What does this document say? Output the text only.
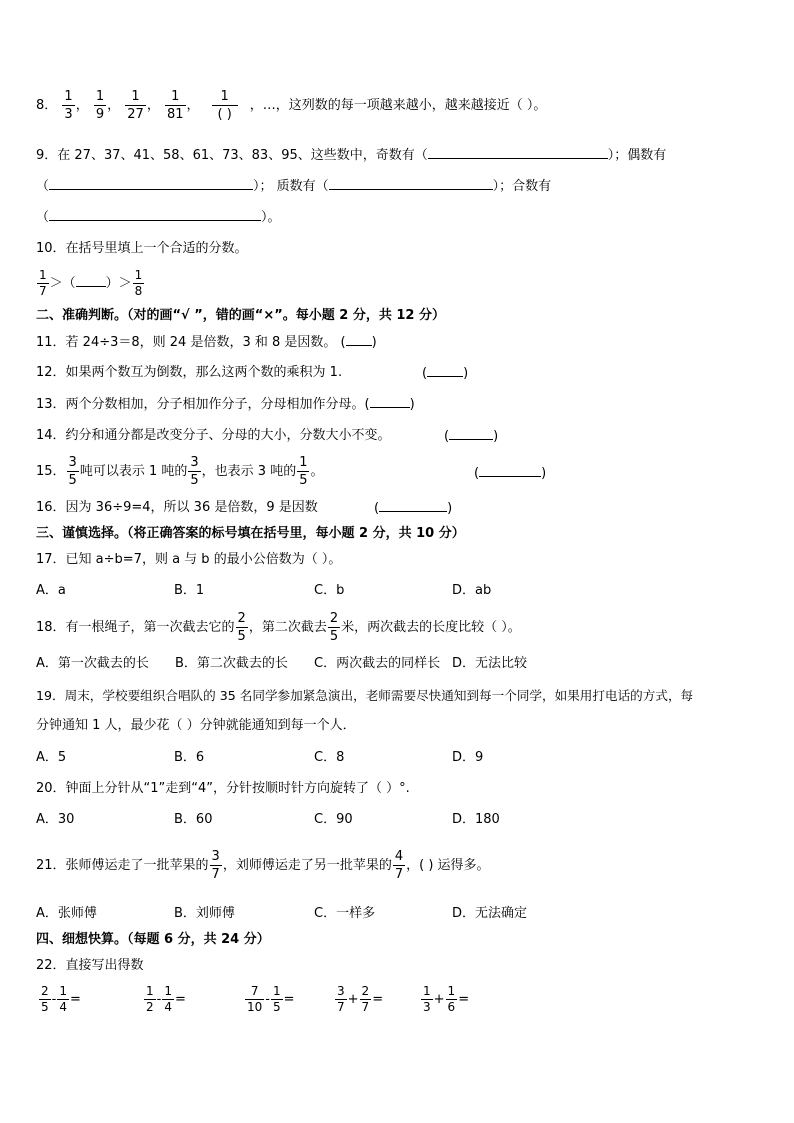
8． $\frac{1}{3}$ ， $\frac{1}{9}$ ， $\frac{1}{27}$ ， $\frac{1}{81}$ ，
1
( )
，…，这列数的每一项越来越小，越来越接近（ ）。
9．在 27、37、41、58、61、73、83、95、这些数中，奇数有（	）；偶数有
（	）； 质数有（	）；合数有
（	）。
10．在括号里填上一个合适的分数。
$\frac{1}{7}$ ＞（ ）＞ $\frac{1}{8}$
二、准确判断。（对的画“√ ”，错的画“×”。每小题 2 分，共 12 分）
11．若 24÷3＝8，则 24 是倍数，3 和 8 是因数。 ( )
12．如果两个数互为倒数，那么这两个数的乘积为 1.	(	)
13．两个分数相加，分子相加作分子，分母相加作分母。(	)
14．约分和通分都是改变分子、分母的大小，分数大小不变。	(	)
15． $\frac{3}{5}$ 吨可以表示 1 吨的 $\frac{3}{5}$ ，也表示 3 吨的 $\frac{1}{5}$ 。	(	)
16．因为 36÷9=4，所以 36 是倍数，9 是因数	(	)
三、谨慎选择。（将正确答案的标号填在括号里，每小题 2 分，共 10 分）
17．已知 a÷b=7，则 a 与 b 的最小公倍数为（ ）。
A．a	B．1	C．b	D．ab
18．有一根绳子，第一次截去它的 $\frac{2}{5}$ ，第二次截去 $\frac{2}{5}$ 米，两次截去的长度比较（ ）。
A．第一次截去的长 B．第二次截去的长 C．两次截去的同样长 D．无法比较
19．周末，学校要组织合唱队的 35 名同学参加紧急演出，老师需要尽快通知到每一个同学，如果用打电话的方式，每
分钟通知 1 人，最少花（ ）分钟就能通知到每一个人．
A．5	B．6	C．8	D．9
20．钟面上分针从“1”走到“4”，分针按顺时针方向旋转了（ ）°.
A．30	B．60	C．90	D．180
21．张师傅运走了一批苹果的 $\frac{3}{7}$ ，刘师傅运走了另一批苹果的 $\frac{4}{7}$ ，( ) 运得多。
A．张师傅	B．刘师傅	C．一样多	D．无法确定
四、细想快算。（每题 6 分，共 24 分）
22．直接写出得数
$\frac{2}{5} - \frac{1}{4}$ =	$\frac{1}{2} - \frac{1}{4}$ =	$\frac{7}{10} - \frac{1}{5}$ =	$\frac{3}{7} + \frac{2}{7}$ =	$\frac{1}{3} + \frac{1}{6}$ =
